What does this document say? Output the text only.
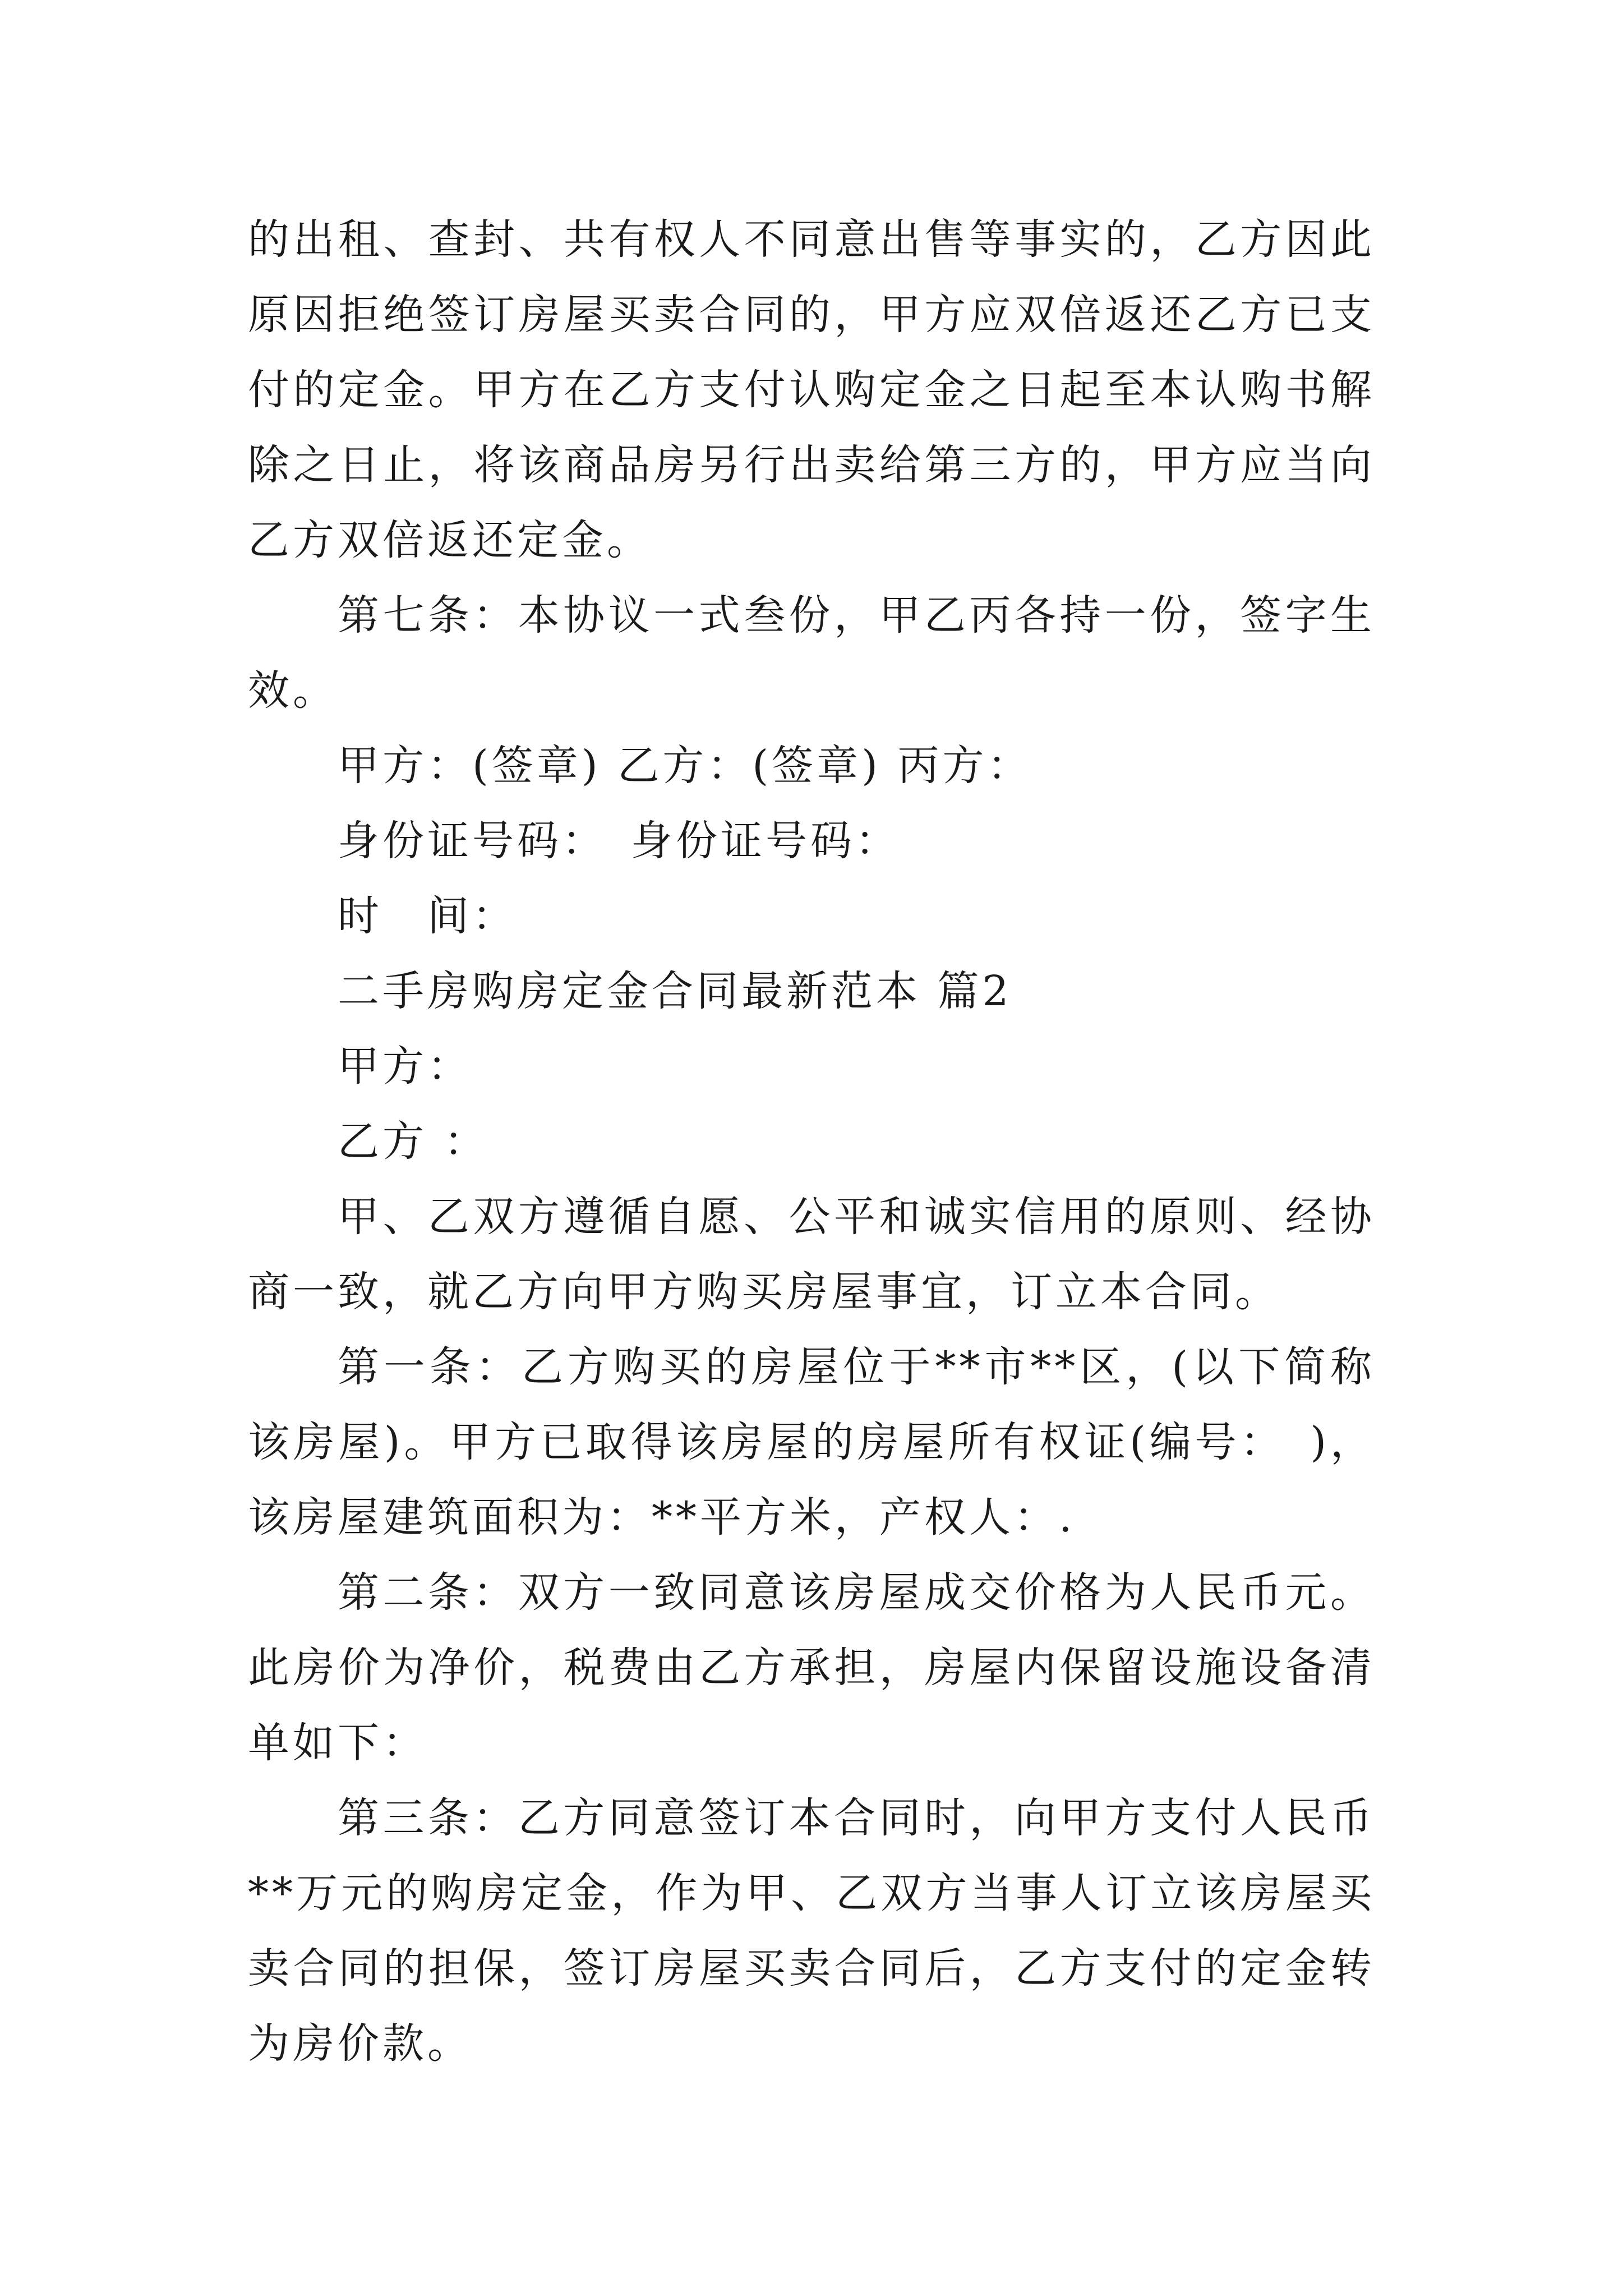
的出租、查封、共有权人不同意出售等事实的，乙方因此原因拒绝签订房屋买卖合同的，甲方应双倍返还乙方已支付的定金。甲方在乙方支付认购定金之日起至本认购书解除之日止，将该商品房另行出卖给第三方的，甲方应当向乙方双倍返还定金。

第七条：本协议一式叁份，甲乙丙各持一份，签字生效。

甲方：(签章) 乙方：(签章) 丙方：

身份证号码：　身份证号码：

时　间：

二手房购房定金合同最新范本 篇2

甲方：

乙方 ：

甲、乙双方遵循自愿、公平和诚实信用的原则、经协商一致，就乙方向甲方购买房屋事宜，订立本合同。

第一条：乙方购买的房屋位于**市**区，(以下简称该房屋)。甲方已取得该房屋的房屋所有权证(编号：　)，该房屋建筑面积为：**平方米，产权人：.

第二条：双方一致同意该房屋成交价格为人民币元。此房价为净价，税费由乙方承担，房屋内保留设施设备清单如下：

第三条：乙方同意签订本合同时，向甲方支付人民币**万元的购房定金，作为甲、乙双方当事人订立该房屋买卖合同的担保，签订房屋买卖合同后，乙方支付的定金转为房价款。
